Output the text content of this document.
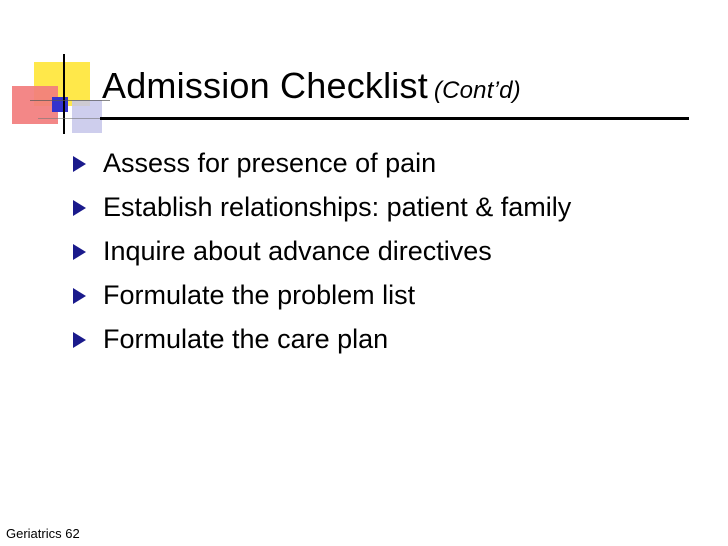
Admission Checklist (Cont’d)
Assess for presence of pain
Establish relationships: patient & family
Inquire about advance directives
Formulate the problem list
Formulate the care plan
Geriatrics 62
